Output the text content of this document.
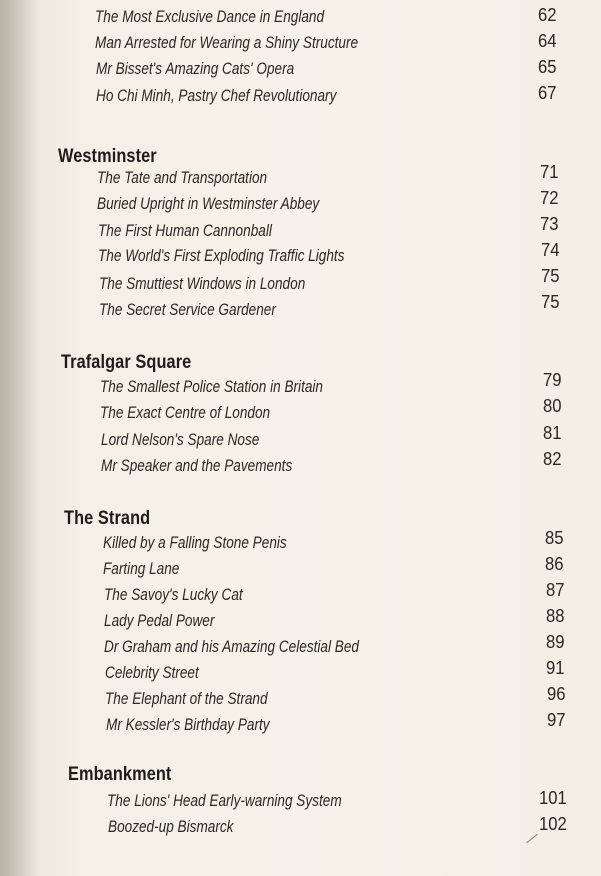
The Most Exclusive Dance in England	62
Man Arrested for Wearing a Shiny Structure	64
Mr Bisset's Amazing Cats' Opera	65
Ho Chi Minh, Pastry Chef Revolutionary	67
Westminster
The Tate and Transportation	71
Buried Upright in Westminster Abbey	72
The First Human Cannonball	73
The World's First Exploding Traffic Lights	74
The Smuttiest Windows in London	75
The Secret Service Gardener	75
Trafalgar Square
The Smallest Police Station in Britain	79
The Exact Centre of London	80
Lord Nelson's Spare Nose	81
Mr Speaker and the Pavements	82
The Strand
Killed by a Falling Stone Penis	85
Farting Lane	86
The Savoy's Lucky Cat	87
Lady Pedal Power	88
Dr Graham and his Amazing Celestial Bed	89
Celebrity Street	91
The Elephant of the Strand	96
Mr Kessler's Birthday Party	97
Embankment
The Lions' Head Early-warning System	101
Boozed-up Bismarck	102
